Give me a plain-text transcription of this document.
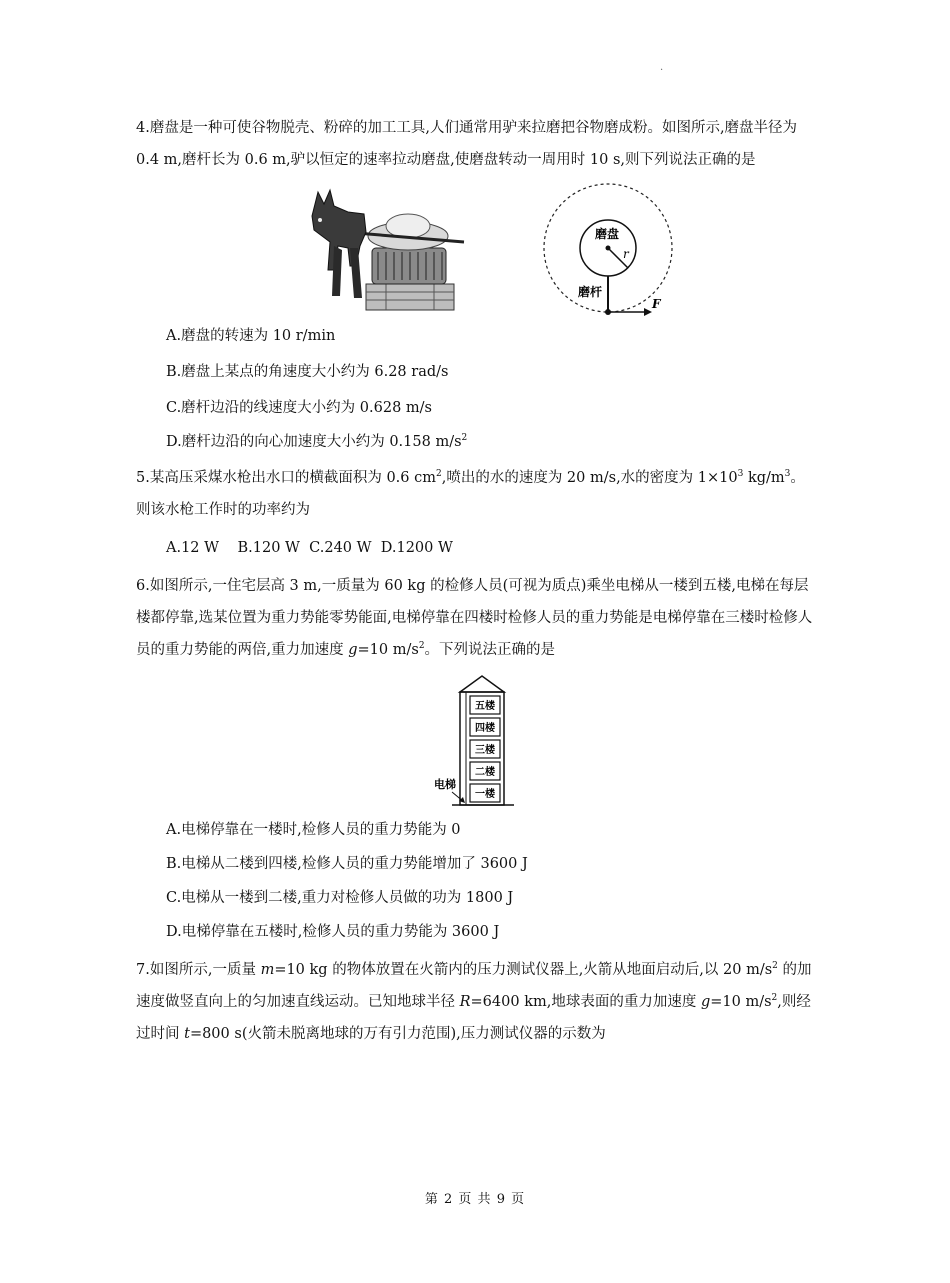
.

4.磨盘是一种可使谷物脱壳、粉碎的加工工具,人们通常用驴来拉磨把谷物磨成粉。如图所示,磨盘半径为 0.4 m,磨杆长为 0.6 m,驴以恒定的速率拉动磨盘,使磨盘转动一周用时 10 s,则下列说法正确的是

磨盘
r
磨杆
F

A.磨盘的转速为 10 r/min

B.磨盘上某点的角速度大小约为 6.28 rad/s

C.磨杆边沿的线速度大小约为 0.628 m/s

D.磨杆边沿的向心加速度大小约为 0.158 $m/s^2$

5.某高压采煤水枪出水口的横截面积为 0.6 $cm^2$,喷出的水的速度为 20 m/s,水的密度为 $1\times 10^3$ $kg/m^3$。则该水枪工作时的功率约为

A.12 W    B.120 W  C.240 W  D.1200 W

6.如图所示,一住宅层高 3 m,一质量为 60 kg 的检修人员(可视为质点)乘坐电梯从一楼到五楼,电梯在每层楼都停靠,选某位置为重力势能零势能面,电梯停靠在四楼时检修人员的重力势能是电梯停靠在三楼时检修人员的重力势能的两倍,重力加速度 g=10 $m/s^2$。下列说法正确的是

五楼
四楼
三楼
二楼
一楼
电梯

A.电梯停靠在一楼时,检修人员的重力势能为 0

B.电梯从二楼到四楼,检修人员的重力势能增加了 3600 J

C.电梯从一楼到二楼,重力对检修人员做的功为 1800 J

D.电梯停靠在五楼时,检修人员的重力势能为 3600 J

7.如图所示,一质量 m=10 kg 的物体放置在火箭内的压力测试仪器上,火箭从地面启动后,以 20 $m/s^2$ 的加速度做竖直向上的匀加速直线运动。已知地球半径 R=6400 km,地球表面的重力加速度 g=10 $m/s^2$,则经过时间 t=800 s(火箭未脱离地球的万有引力范围),压力测试仪器的示数为

第 2 页 共 9 页
